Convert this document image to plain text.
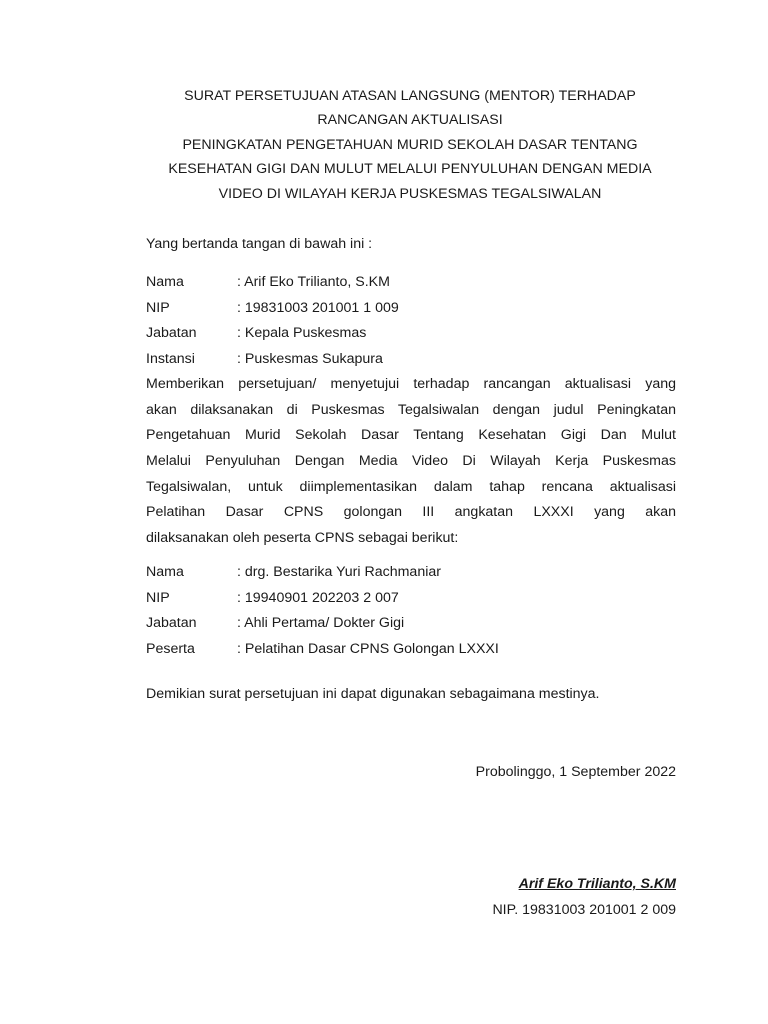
SURAT PERSETUJUAN ATASAN LANGSUNG (MENTOR) TERHADAP
RANCANGAN AKTUALISASI
PENINGKATAN PENGETAHUAN MURID SEKOLAH DASAR TENTANG
KESEHATAN GIGI DAN MULUT MELALUI PENYULUHAN DENGAN MEDIA
VIDEO DI WILAYAH KERJA PUSKESMAS TEGALSIWALAN
Yang bertanda tangan di bawah ini :
Nama	: Arif Eko Trilianto, S.KM
NIP	: 19831003 201001 1 009
Jabatan	: Kepala Puskesmas
Instansi	: Puskesmas Sukapura
Memberikan persetujuan/ menyetujui terhadap rancangan aktualisasi yang
akan dilaksanakan di Puskesmas Tegalsiwalan dengan judul Peningkatan
Pengetahuan Murid Sekolah Dasar Tentang Kesehatan Gigi Dan Mulut
Melalui Penyuluhan Dengan Media Video Di Wilayah Kerja Puskesmas
Tegalsiwalan, untuk diimplementasikan dalam tahap rencana aktualisasi
Pelatihan Dasar CPNS golongan III angkatan LXXXI yang akan
dilaksanakan oleh peserta CPNS sebagai berikut:
Nama	: drg. Bestarika Yuri Rachmaniar
NIP	: 19940901 202203 2 007
Jabatan	: Ahli Pertama/ Dokter Gigi
Peserta	: Pelatihan Dasar CPNS Golongan LXXXI
Demikian surat persetujuan ini dapat digunakan sebagaimana mestinya.
Probolinggo, 1 September 2022
Arif Eko Trilianto, S.KM
NIP. 19831003 201001 2 009
